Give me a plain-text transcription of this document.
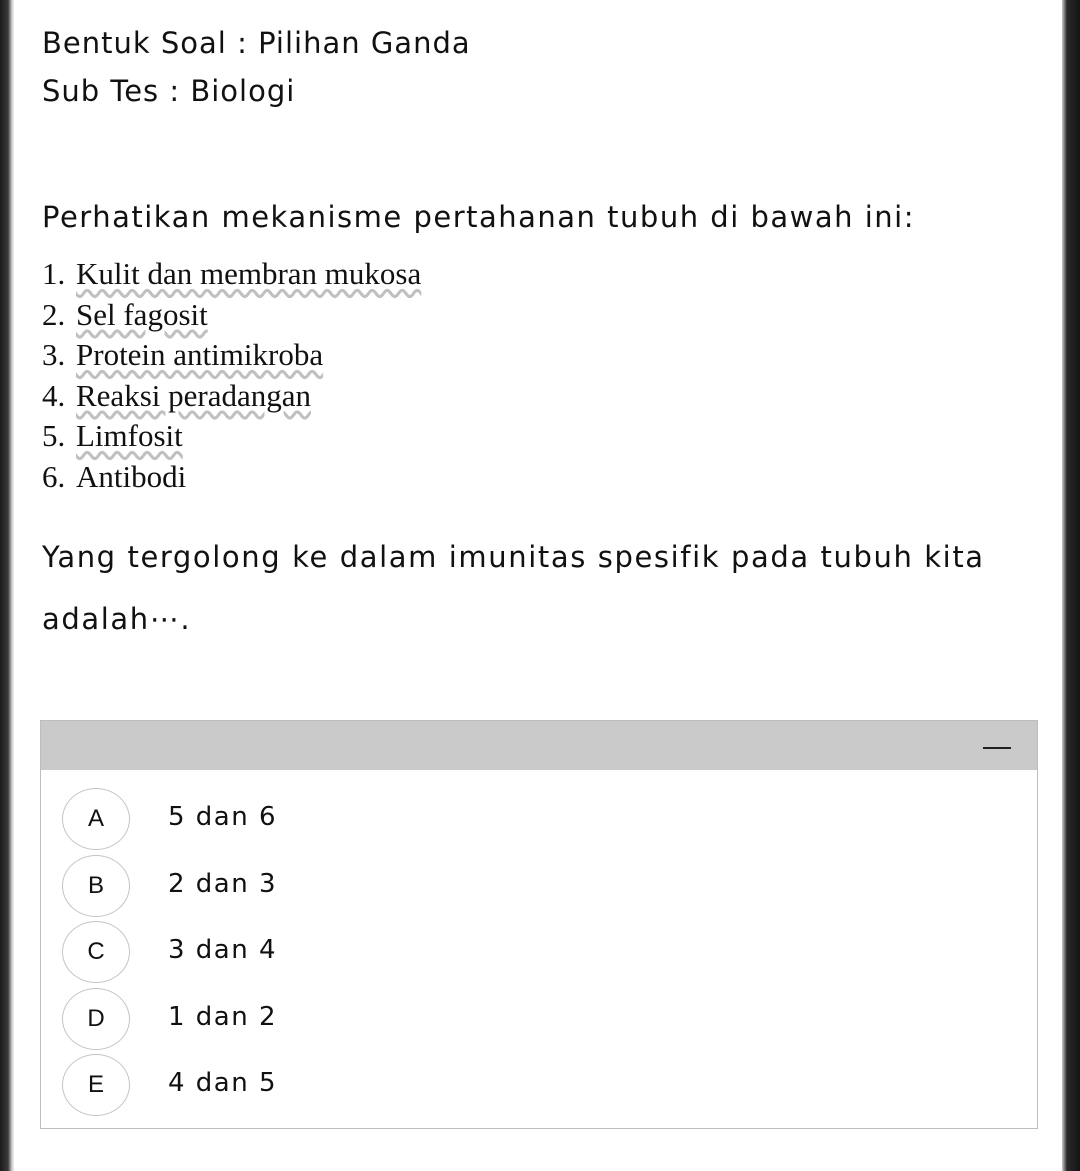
Bentuk Soal : Pilihan Ganda
Sub Tes : Biologi
Perhatikan mekanisme pertahanan tubuh di bawah ini:
1. Kulit dan membran mukosa
2. Sel fagosit
3. Protein antimikroba
4. Reaksi peradangan
5. Limfosit
6. Antibodi
Yang tergolong ke dalam imunitas spesifik pada tubuh kita adalah⋯.
A	5 dan 6
B	2 dan 3
C	3 dan 4
D	1 dan 2
E	4 dan 5
